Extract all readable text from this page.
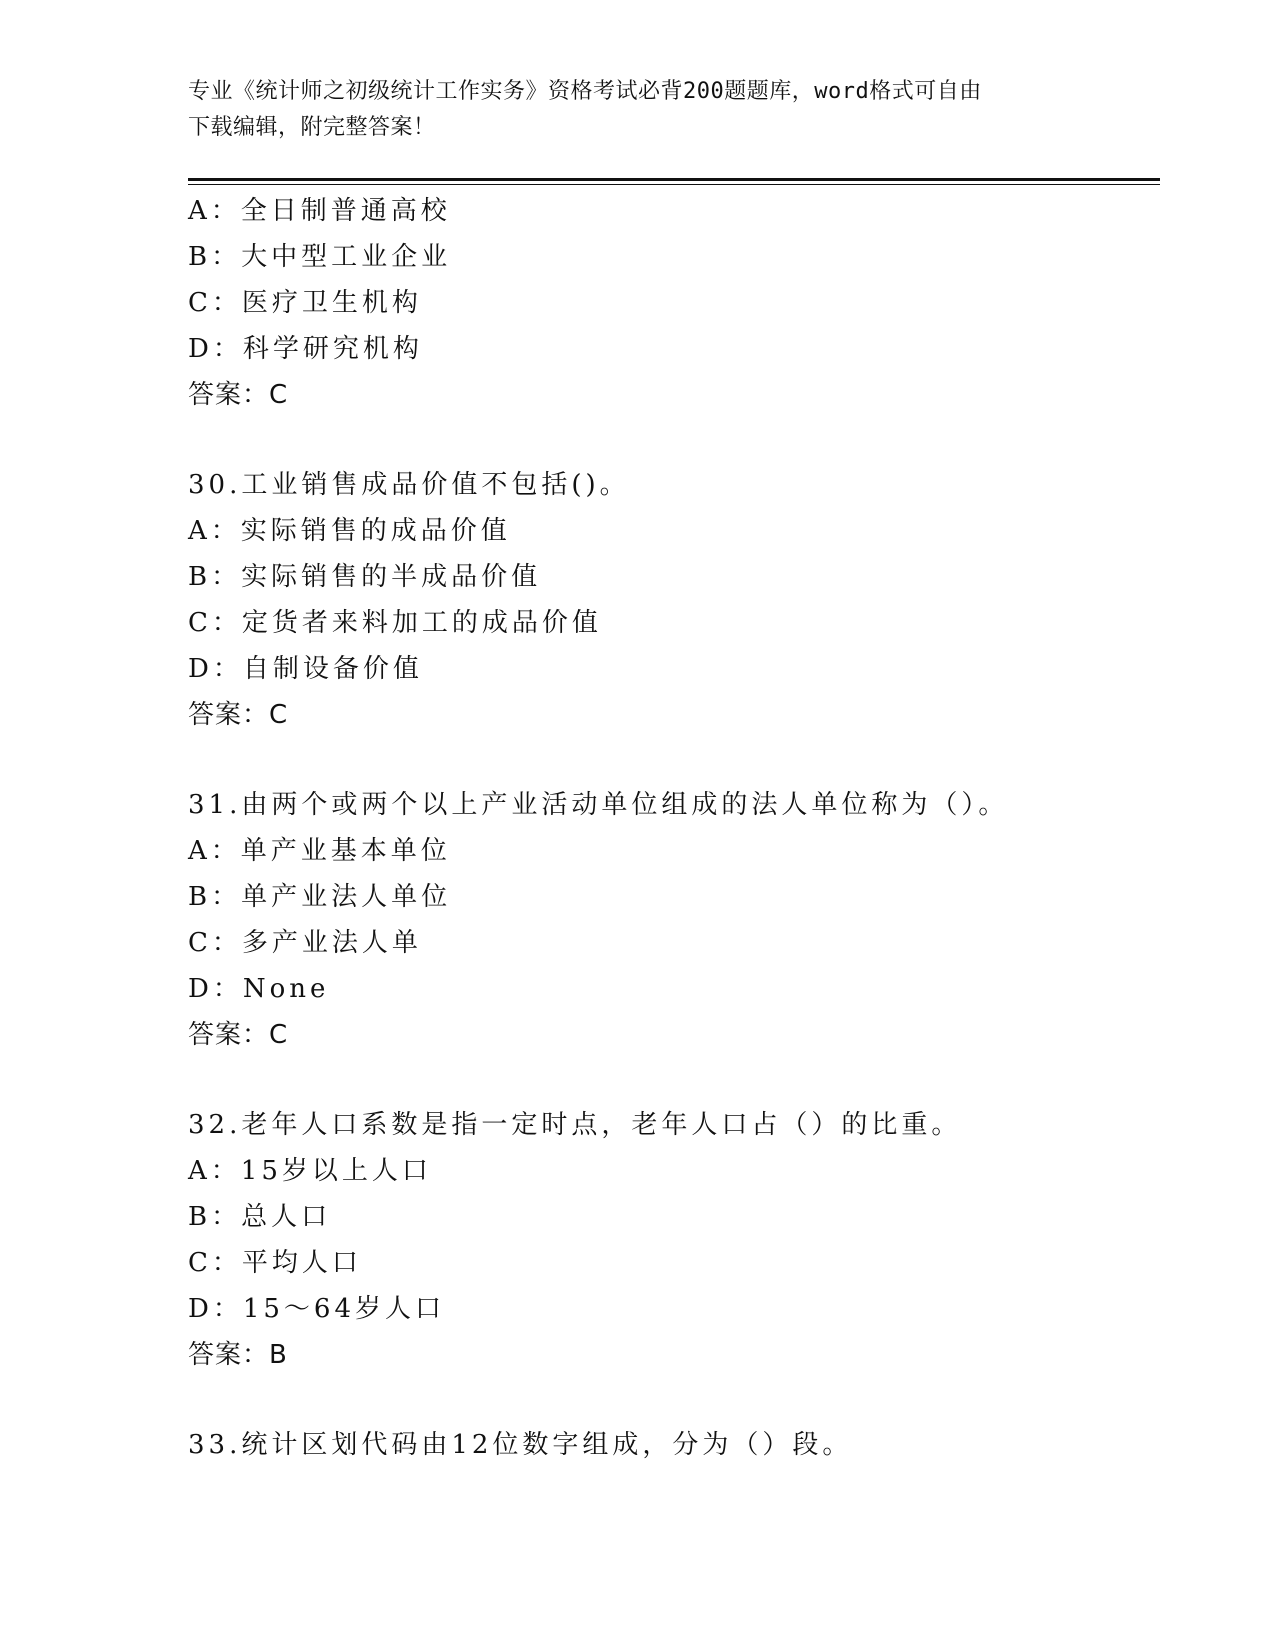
专业《统计师之初级统计工作实务》资格考试必背200题题库，word格式可自由
下载编辑，附完整答案！
A：全日制普通高校
B：大中型工业企业
C：医疗卫生机构
D：科学研究机构
答案：C
30.工业销售成品价值不包括()。
A：实际销售的成品价值
B：实际销售的半成品价值
C：定货者来料加工的成品价值
D：自制设备价值
答案：C
31.由两个或两个以上产业活动单位组成的法人单位称为（）。
A：单产业基本单位
B：单产业法人单位
C：多产业法人单
D：None
答案：C
32.老年人口系数是指一定时点，老年人口占（）的比重。
A：15岁以上人口
B：总人口
C：平均人口
D：15～64岁人口
答案：B
33.统计区划代码由12位数字组成，分为（）段。
